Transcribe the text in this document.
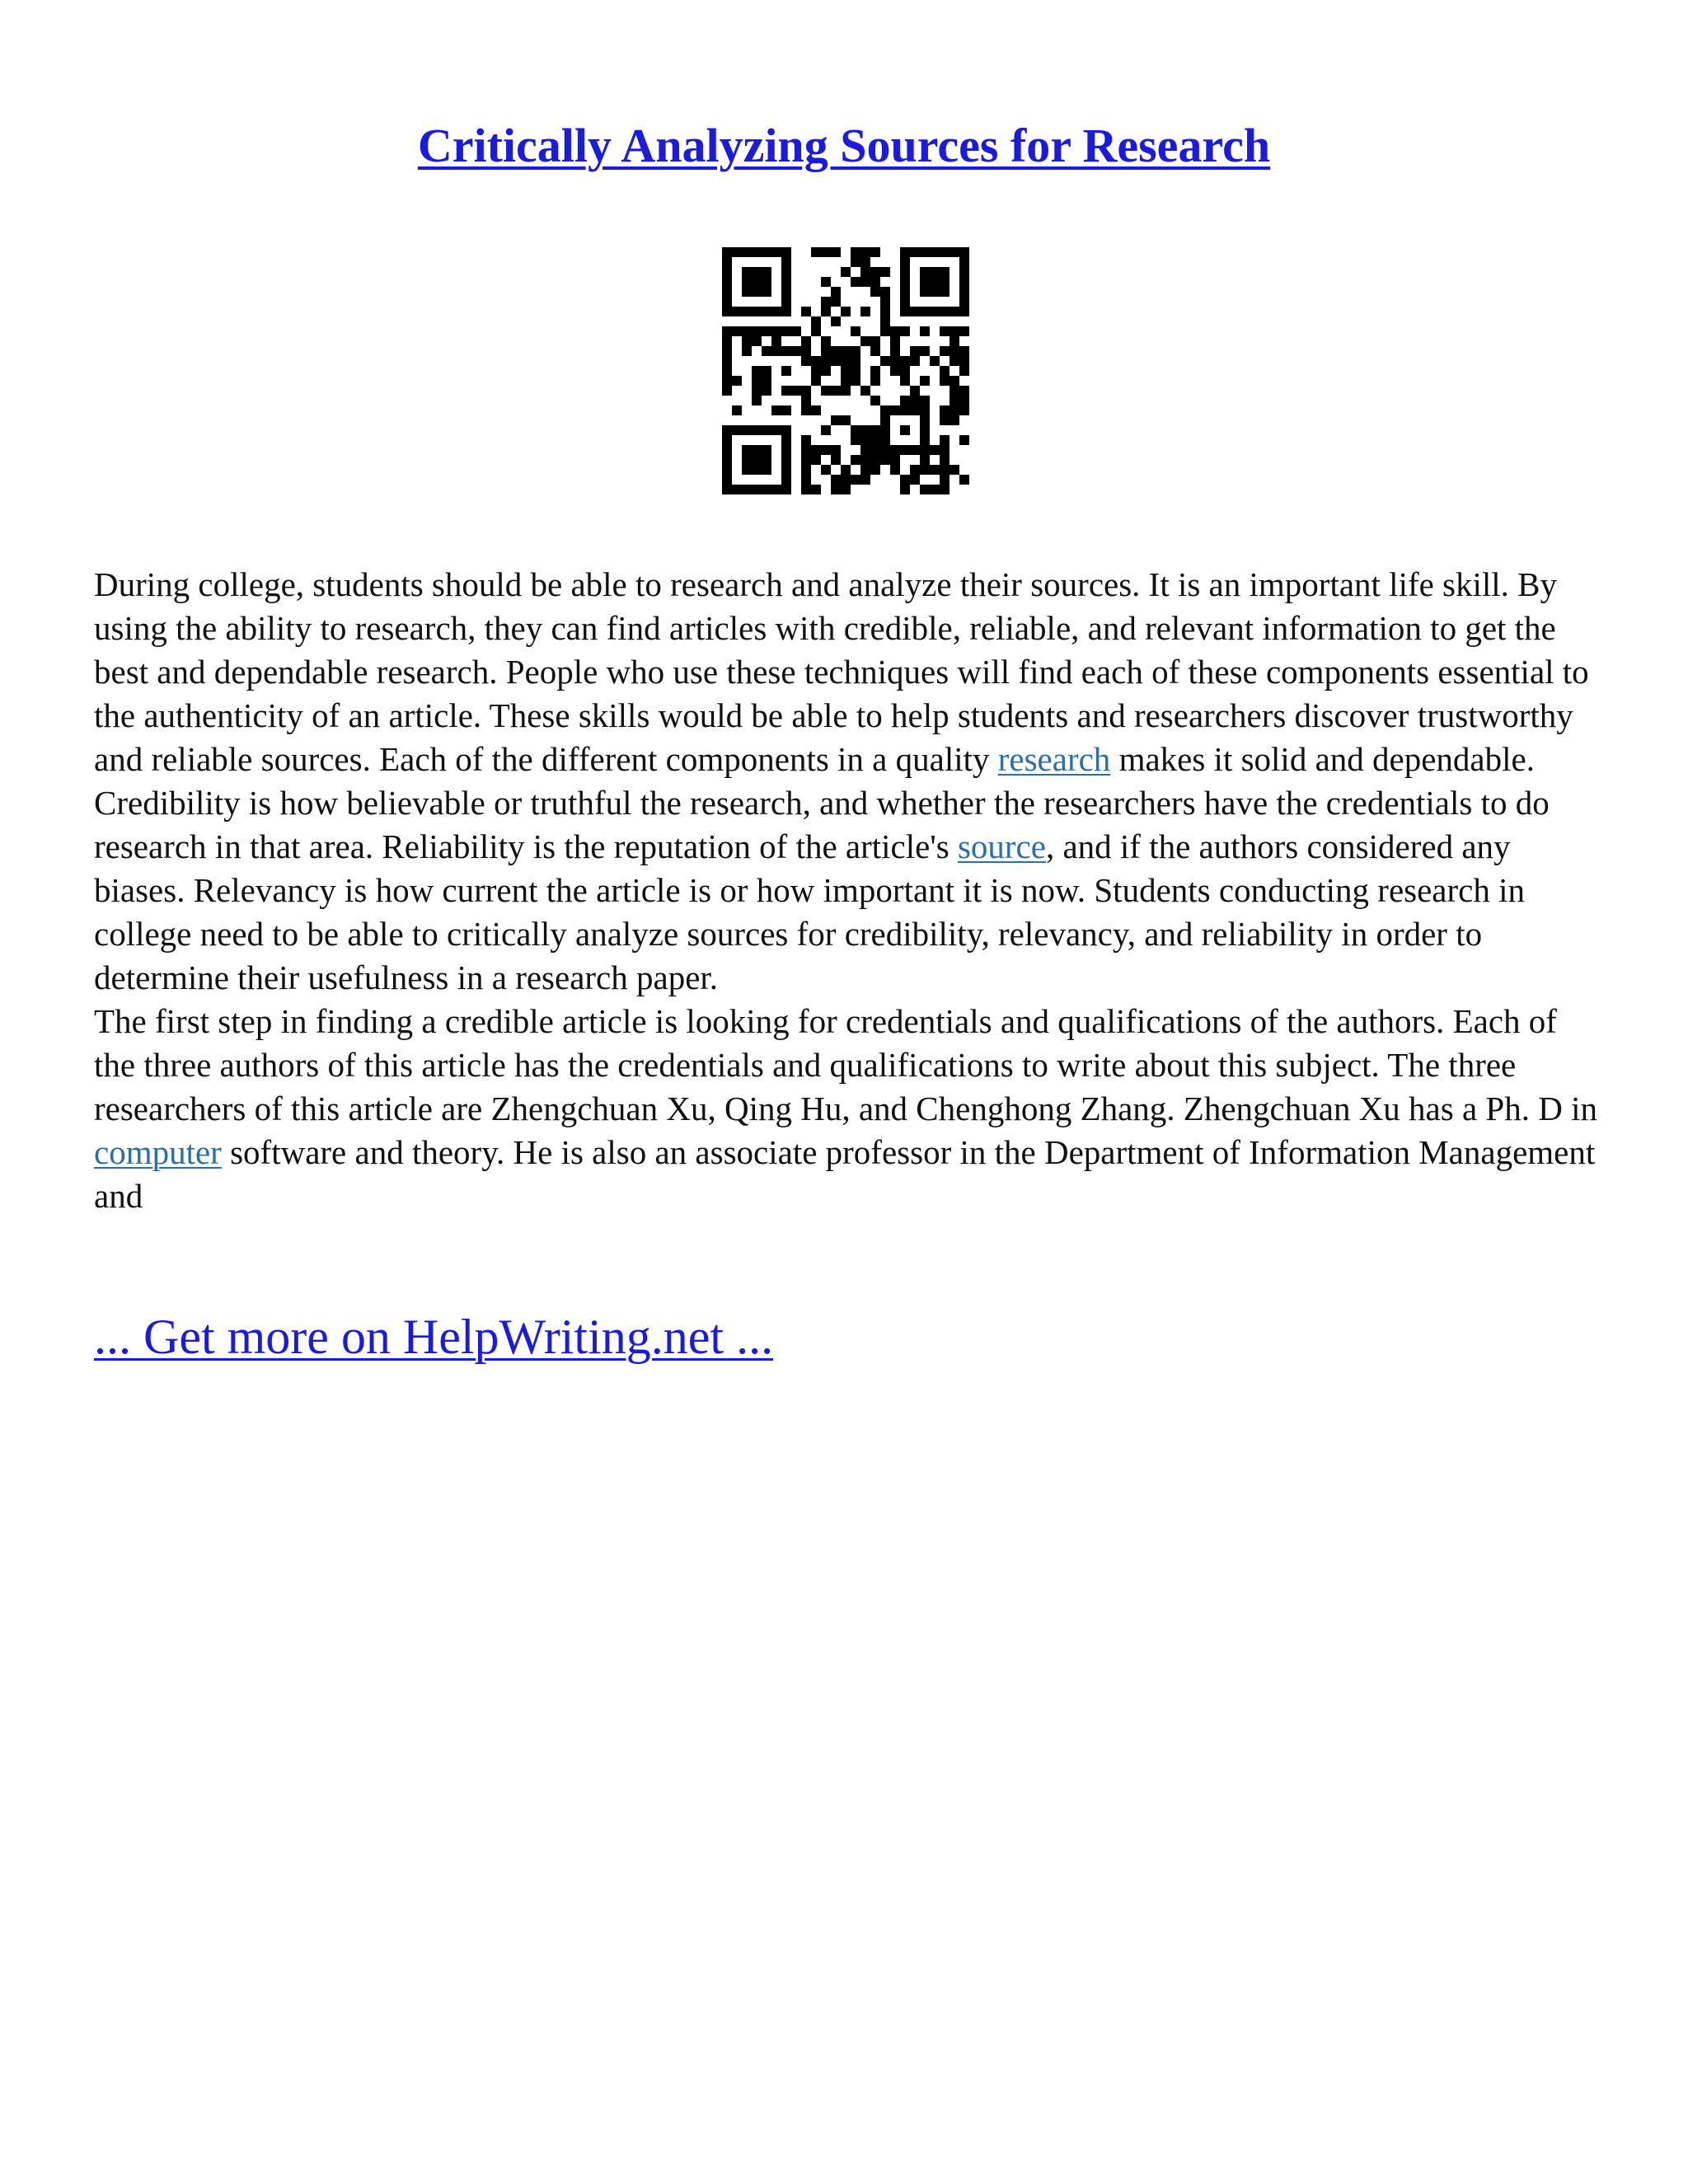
Critically Analyzing Sources for Research

During college, students should be able to research and analyze their sources. It is an important life skill. By using the ability to research, they can find articles with credible, reliable, and relevant information to get the best and dependable research. People who use these techniques will find each of these components essential to the authenticity of an article. These skills would be able to help students and researchers discover trustworthy and reliable sources. Each of the different components in a quality research makes it solid and dependable. Credibility is how believable or truthful the research, and whether the researchers have the credentials to do research in that area. Reliability is the reputation of the article's source, and if the authors considered any biases. Relevancy is how current the article is or how important it is now. Students conducting research in college need to be able to critically analyze sources for credibility, relevancy, and reliability in order to determine their usefulness in a research paper.

The first step in finding a credible article is looking for credentials and qualifications of the authors. Each of the three authors of this article has the credentials and qualifications to write about this subject. The three researchers of this article are Zhengchuan Xu, Qing Hu, and Chenghong Zhang. Zhengchuan Xu has a Ph. D in computer software and theory. He is also an associate professor in the Department of Information Management and

... Get more on HelpWriting.net ...
